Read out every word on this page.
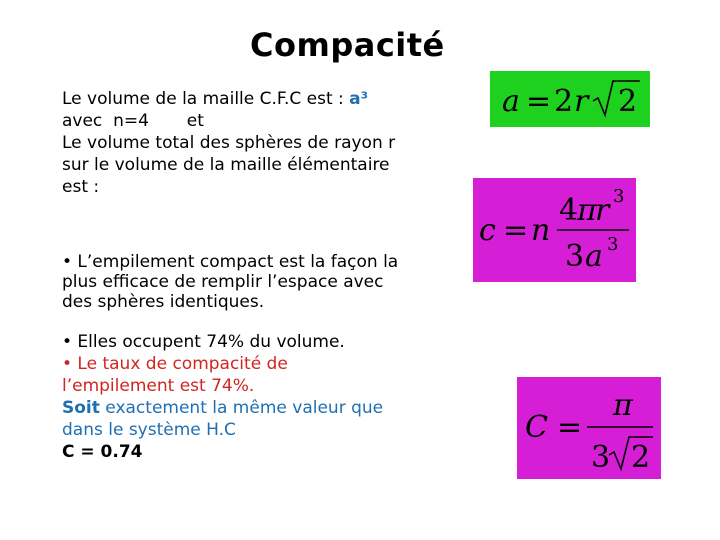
Compacité
Le volume de la maille C.F.C est : a³
avec  n=4       et
Le volume total des sphères de rayon r
sur le volume de la maille élémentaire
est :
• L’empilement compact est la façon la
plus efficace de remplir l’espace avec
des sphères identiques.
• Elles occupent 74% du volume.
• Le taux de compacité de
l’empilement est 74%.
Soit exactement la même valeur que
dans le système H.C
C = 0.74
a = 2 r 2
c = n
4
π
r 3
3 a 3
C =
π
3 2
